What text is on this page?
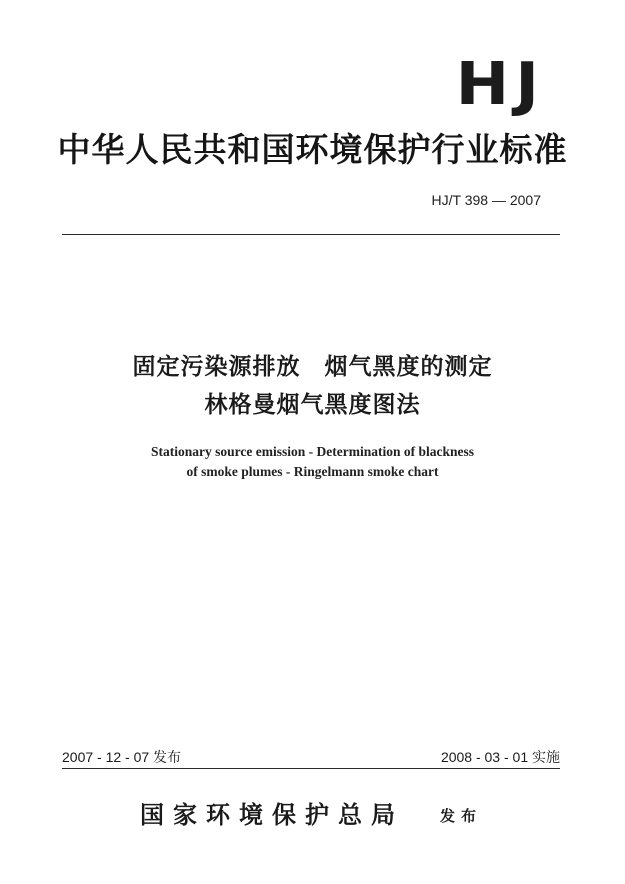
HJ
中华人民共和国环境保护行业标准
HJ/T 398 — 2007
固定污染源排放　烟气黑度的测定
林格曼烟气黑度图法
Stationary source emission - Determination of blackness
of smoke plumes - Ringelmann smoke chart
2007 - 12 - 07 发布	2008 - 03 - 01 实施
国家环境保护总局 发布
